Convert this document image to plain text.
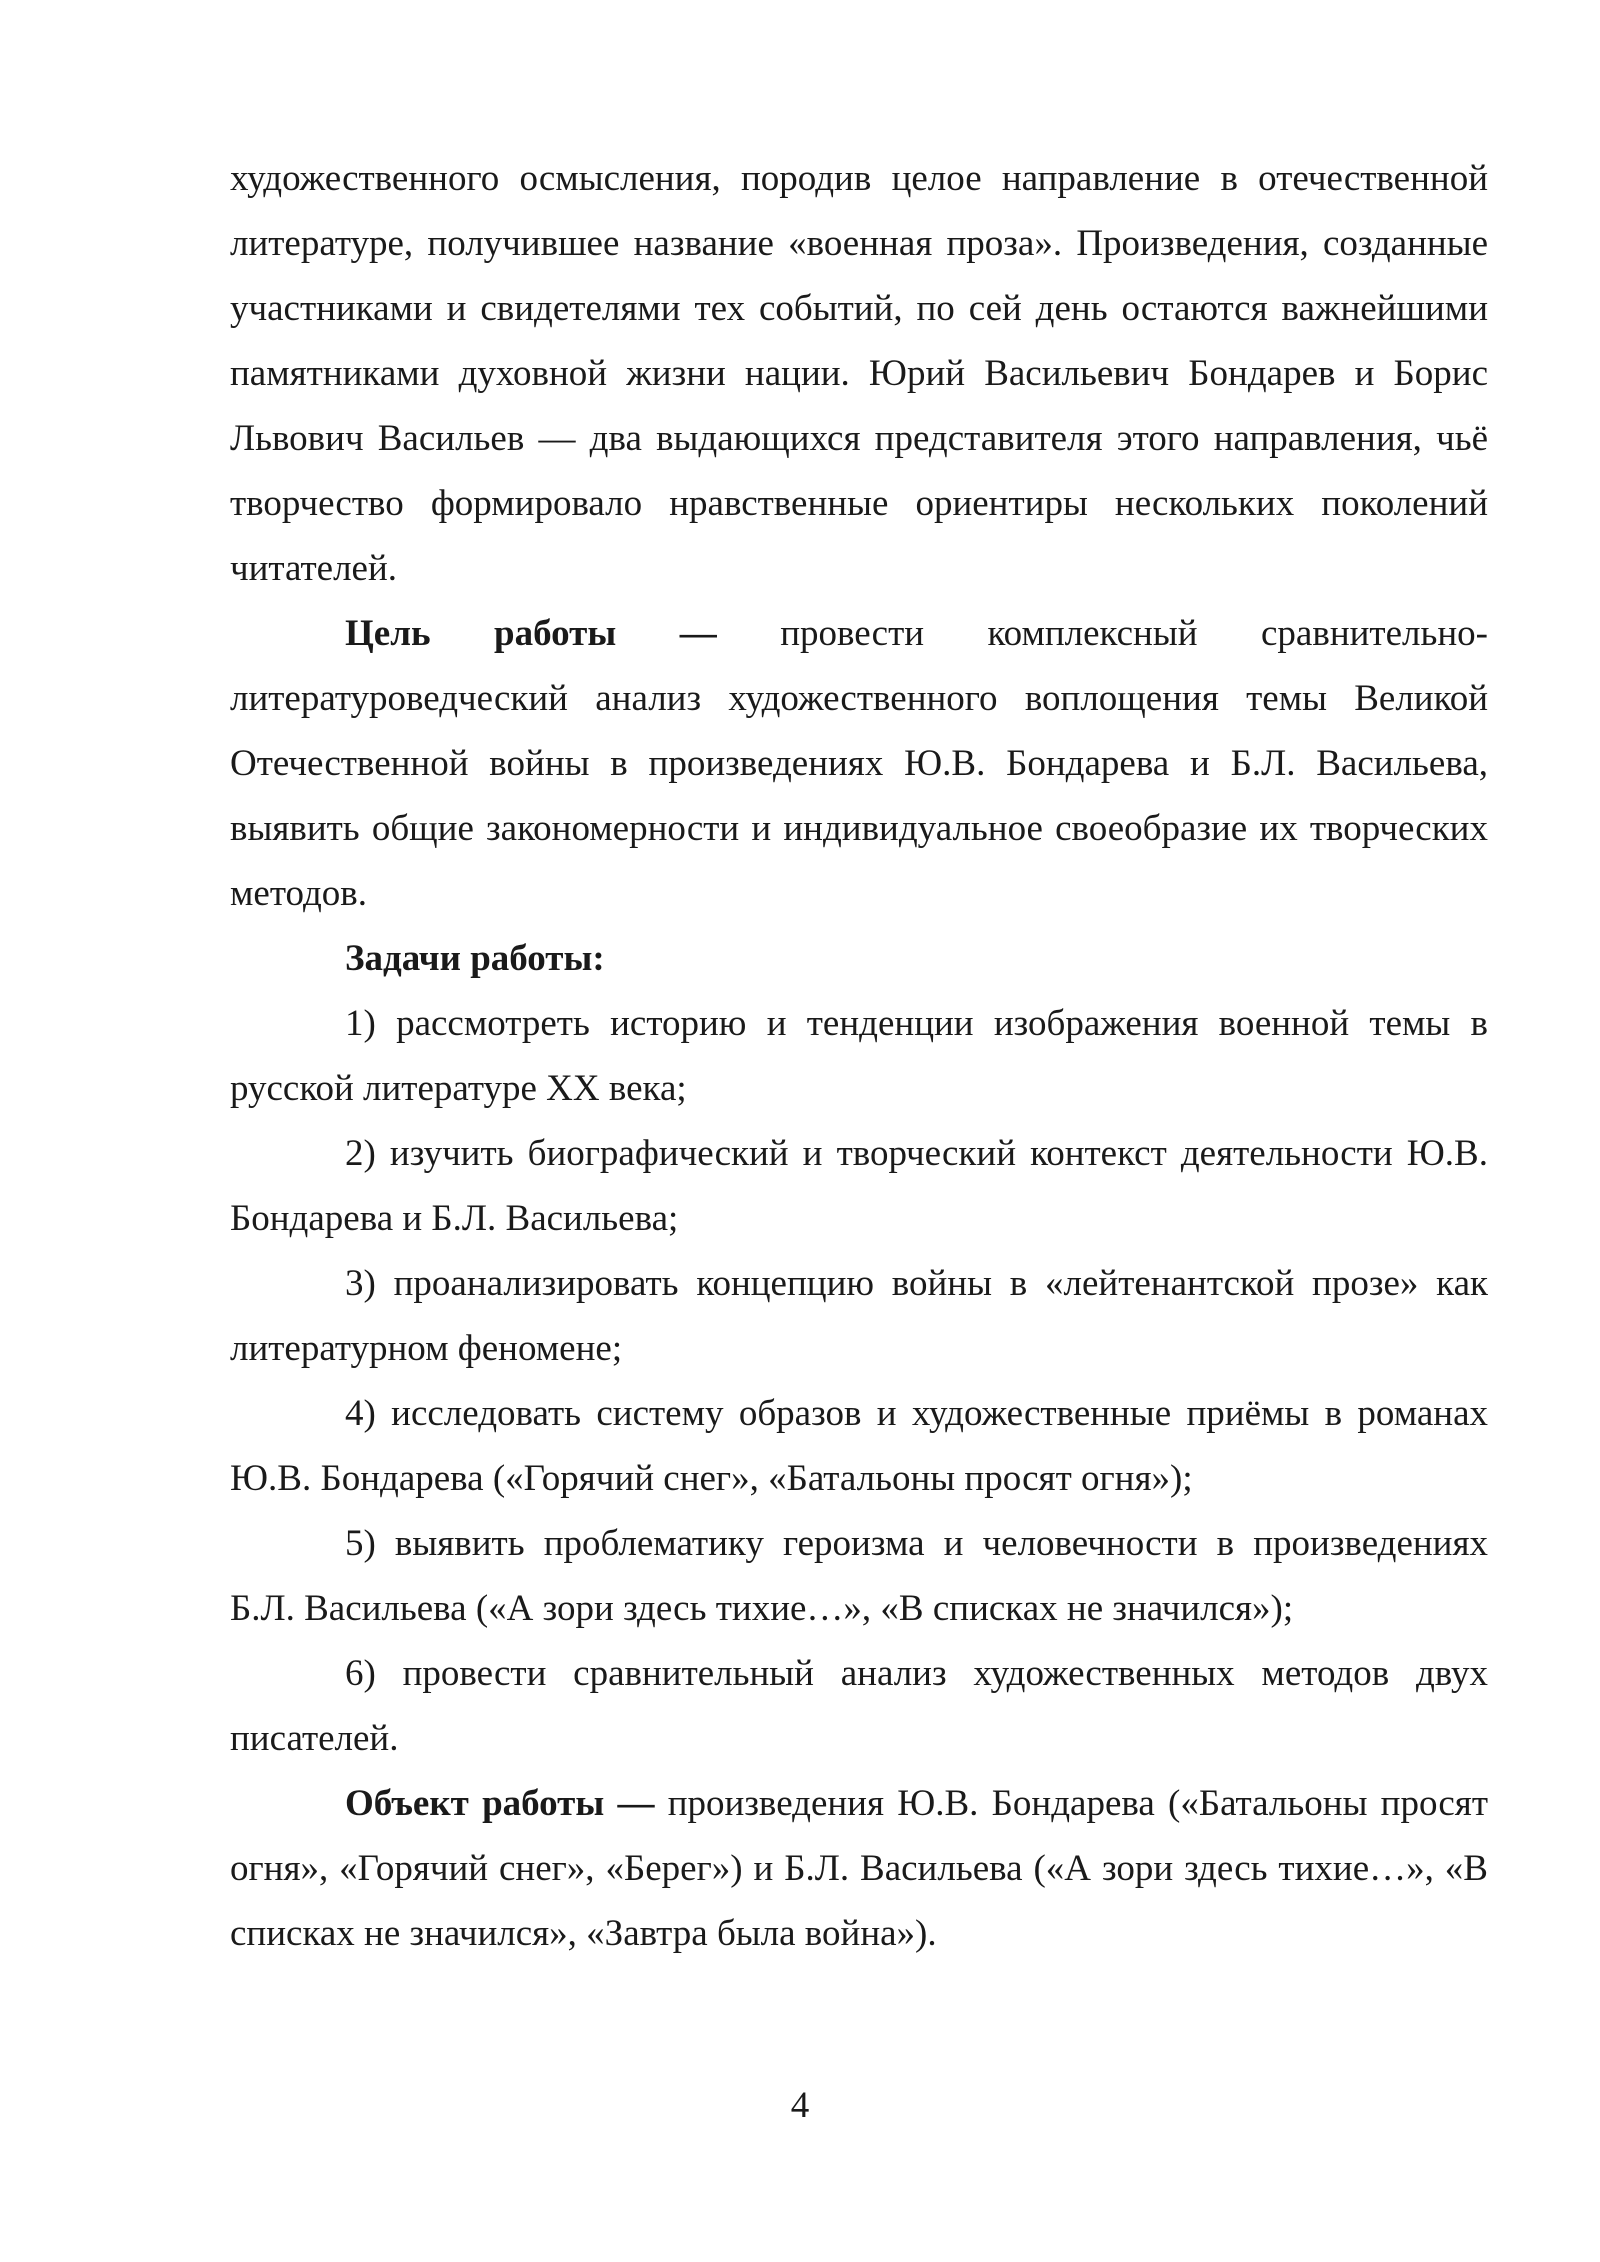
художественного осмысления, породив целое направление в отечественной литературе, получившее название «военная проза». Произведения, созданные участниками и свидетелями тех событий, по сей день остаются важнейшими памятниками духовной жизни нации. Юрий Васильевич Бондарев и Борис Львович Васильев — два выдающихся представителя этого направления, чьё творчество формировало нравственные ориентиры нескольких поколений читателей.

Цель работы — провести комплексный сравнительно-литературоведческий анализ художественного воплощения темы Великой Отечественной войны в произведениях Ю.В. Бондарева и Б.Л. Васильева, выявить общие закономерности и индивидуальное своеобразие их творческих методов.

Задачи работы:

1) рассмотреть историю и тенденции изображения военной темы в русской литературе XX века;

2) изучить биографический и творческий контекст деятельности Ю.В. Бондарева и Б.Л. Васильева;

3) проанализировать концепцию войны в «лейтенантской прозе» как литературном феномене;

4) исследовать систему образов и художественные приёмы в романах Ю.В. Бондарева («Горячий снег», «Батальоны просят огня»);

5) выявить проблематику героизма и человечности в произведениях Б.Л. Васильева («А зори здесь тихие…», «В списках не значился»);

6) провести сравнительный анализ художественных методов двух писателей.

Объект работы — произведения Ю.В. Бондарева («Батальоны просят огня», «Горячий снег», «Берег») и Б.Л. Васильева («А зори здесь тихие…», «В списках не значился», «Завтра была война»).

4
